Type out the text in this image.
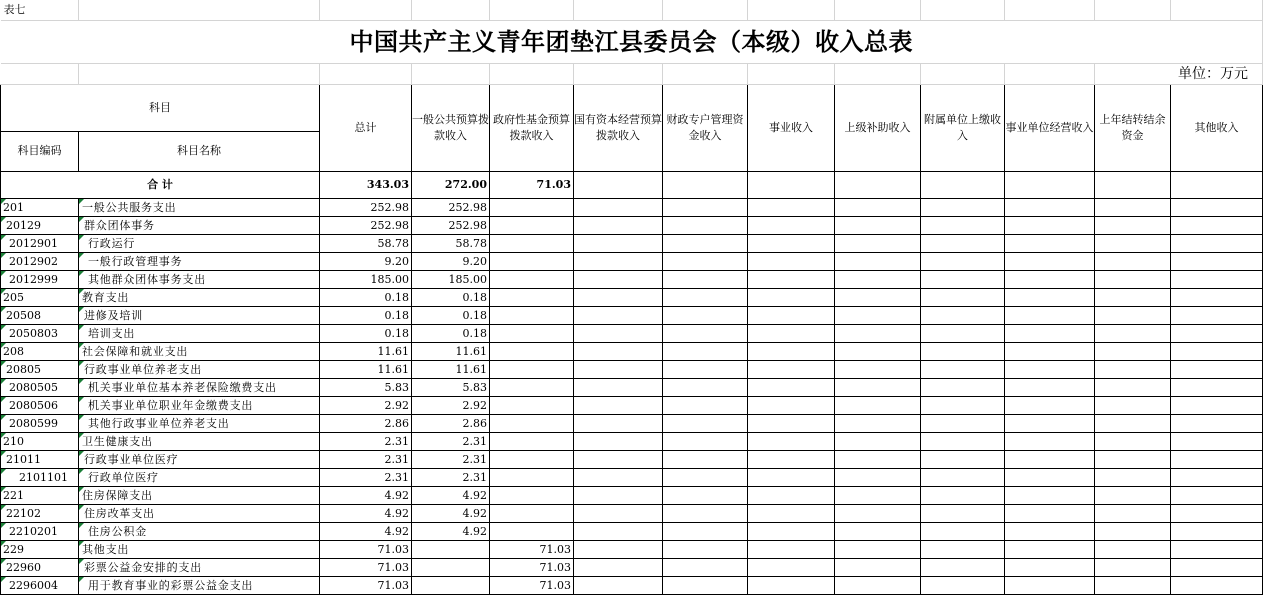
表七												
中国共产主义青年团垫江县委员会（本级）收入总表												
											单位：万元	
科目		总计	一般公共预算拨款收入	政府性基金预算拨款收入	国有资本经营预算拨款收入	财政专户管理资金收入	事业收入	上级补助收入	附属单位上缴收入	事业单位经营收入	上年结转结余资金	其他收入
科目编码	科目名称											
合 计		343.03	272.00	71.03								
201	一般公共服务支出	252.98	252.98									
20129	群众团体事务	252.98	252.98									
2012901	行政运行	58.78	58.78									
2012902	一般行政管理事务	9.20	9.20									
2012999	其他群众团体事务支出	185.00	185.00									
205	教育支出	0.18	0.18									
20508	进修及培训	0.18	0.18									
2050803	培训支出	0.18	0.18									
208	社会保障和就业支出	11.61	11.61									
20805	行政事业单位养老支出	11.61	11.61									
2080505	机关事业单位基本养老保险缴费支出	5.83	5.83									
2080506	机关事业单位职业年金缴费支出	2.92	2.92									
2080599	其他行政事业单位养老支出	2.86	2.86									
210	卫生健康支出	2.31	2.31									
21011	行政事业单位医疗	2.31	2.31									
2101101	行政单位医疗	2.31	2.31									
221	住房保障支出	4.92	4.92									
22102	住房改革支出	4.92	4.92									
2210201	住房公积金	4.92	4.92									
229	其他支出	71.03		71.03								
22960	彩票公益金安排的支出	71.03		71.03								
2296004	用于教育事业的彩票公益金支出	71.03		71.03								
